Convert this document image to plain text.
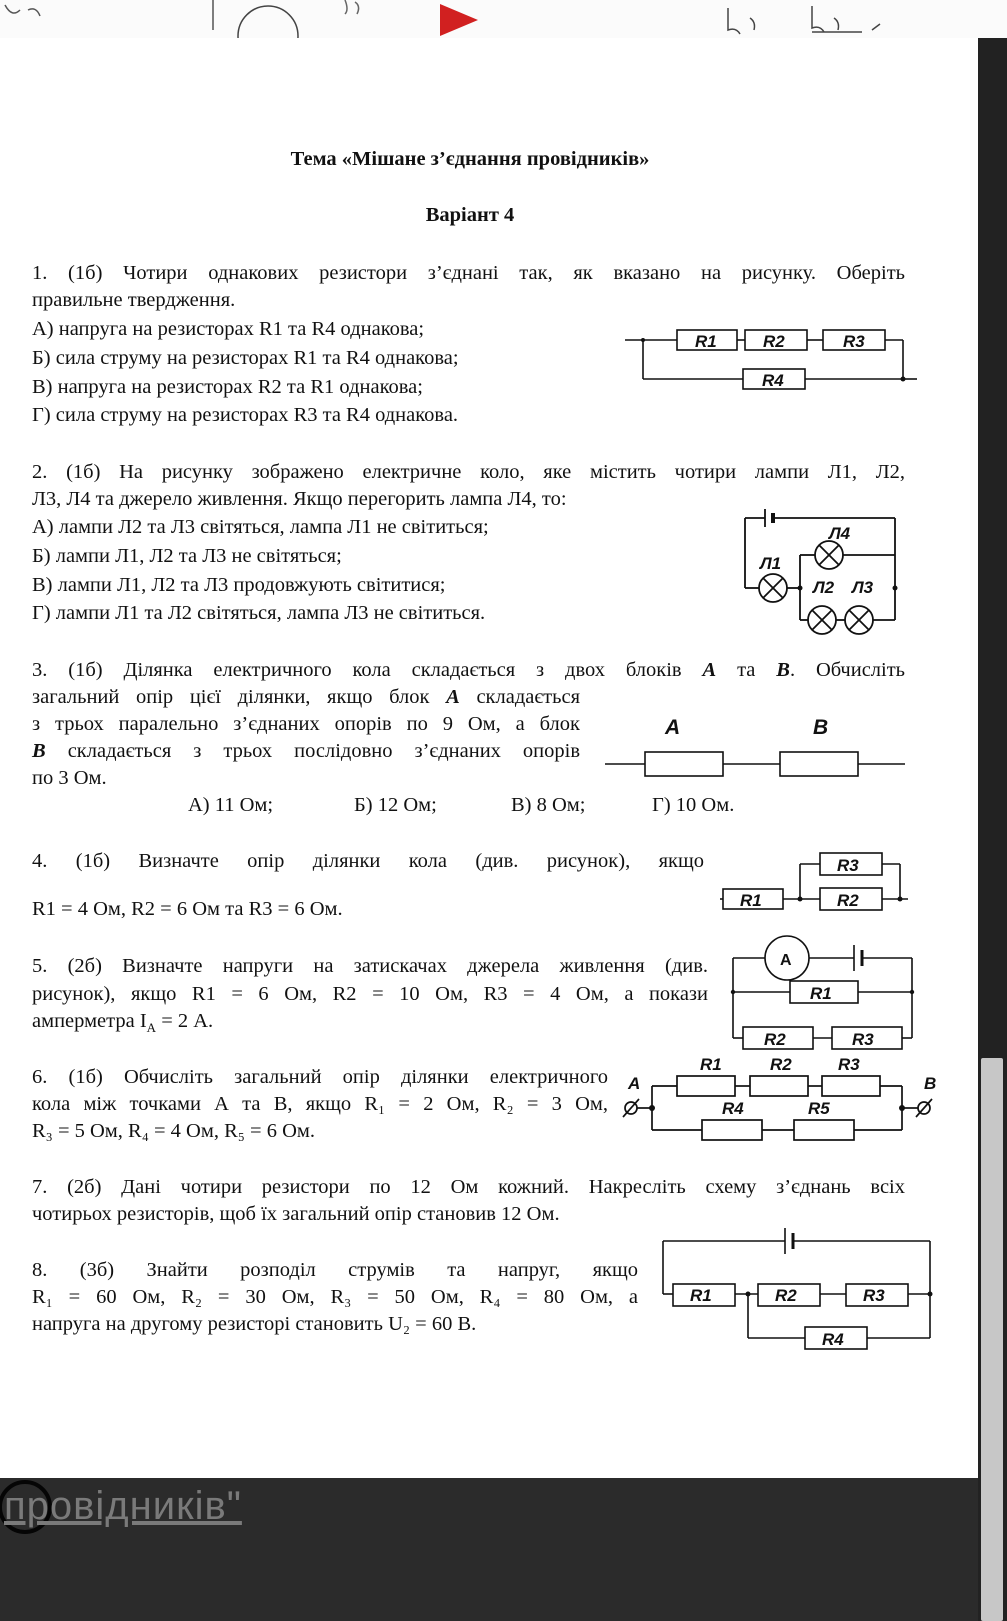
Тема «Мішане з’єднання провідників»
Варіант 4
1. (1б) Чотири однакових резистори з’єднані так, як вказано на рисунку. Оберіть
правильне твердження.
А) напруга на резисторах R1 та R4 однакова;
Б) сила струму на резисторах R1 та R4 однакова;
В) напруга на резисторах R2 та R1 однакова;
Г) сила струму на резисторах R3 та R4 однакова.
R1	R2	R3
R4
2. (1б) На рисунку зображено електричне коло, яке містить чотири лампи Л1, Л2,
Л3, Л4 та джерело живлення. Якщо перегорить лампа Л4, то:
А) лампи Л2 та Л3 світяться, лампа Л1 не світиться;
Б) лампи Л1, Л2 та Л3 не світяться;
В) лампи Л1, Л2 та Л3 продовжують світитися;
Г) лампи Л1 та Л2 світяться, лампа Л3 не світиться.
Л4
Л1
Л2 Л3
3. (1б) Ділянка електричного кола складається з двох блоків А та В. Обчисліть
загальний опір цієї ділянки, якщо блок А складається
з трьох паралельно з’єднаних опорів по 9 Ом, а блок
В складається з трьох послідовно з’єднаних опорів
по 3 Ом.
А) 11 Ом;	Б) 12 Ом;	В) 8 Ом;	Г) 10 Ом.
A	B
4. (1б) Визначте опір ділянки кола (див. рисунок), якщо
R1 = 4 Ом, R2 = 6 Ом та R3 = 6 Ом.	R1
R3
R2
5. (2б) Визначте напруги на затискачах джерела живлення (див.
рисунок), якщо R1 = 6 Ом, R2 = 10 Ом, R3 = 4 Ом, а покази
амперметра $I_A = 2$ А.
A
R1
R2	R3
6. (1б) Обчисліть загальний опір ділянки електричного
кола між точками А та В, якщо R₁ = 2 Ом, R₂ = 3 Ом,
R₃ = 5 Ом, R₄ = 4 Ом, R₅ = 6 Ом.
A	B
R1	R2	R3
R4	R5
7. (2б) Дані чотири резистори по 12 Ом кожний. Накресліть схему з’єднань всіх
чотирьох резисторів, щоб їх загальний опір становив 12 Ом.
8. (3б) Знайти розподіл струмів та напруг, якщо
R₁ = 60 Ом, R₂ = 30 Ом, R₃ = 50 Ом, R₄ = 80 Ом, а
напруга на другому резисторі становить U₂ = 60 В.
R1	R2	R3
R4
провідників"
